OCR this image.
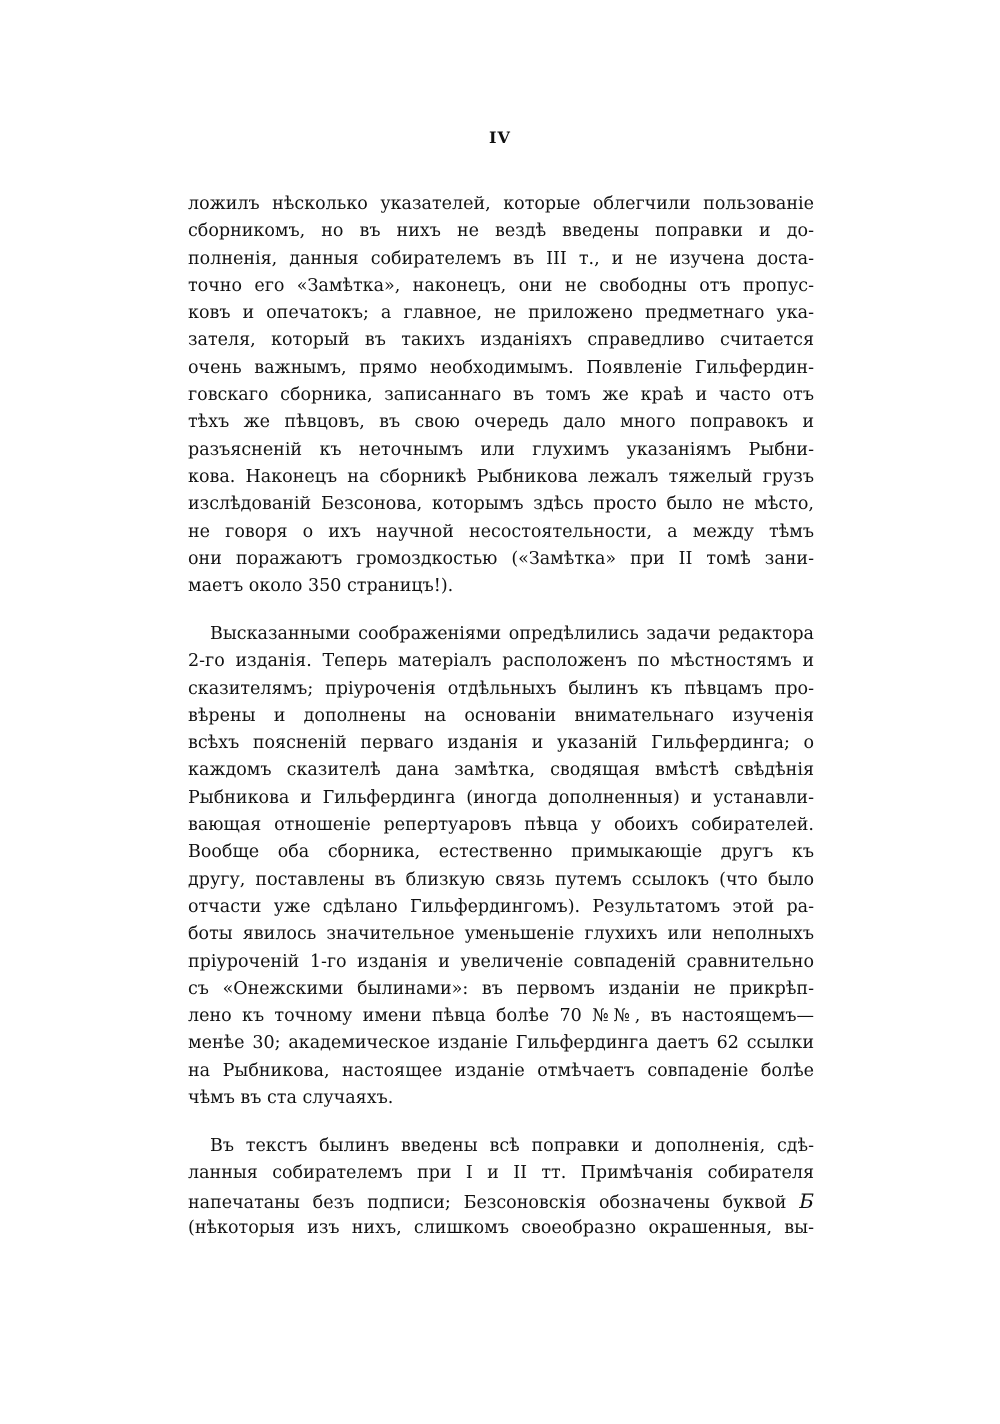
IV
ложилъ нѣсколько указателей, которые облегчили пользованіе
сборникомъ, но въ нихъ не вездѣ введены поправки и до-
полненія, данныя собирателемъ въ III т., и не изучена доста-
точно его «Замѣтка», наконецъ, они не свободны отъ пропус-
ковъ и опечатокъ; а главное, не приложено предметнаго ука-
зателя, который въ такихъ изданіяхъ справедливо считается
очень важнымъ, прямо необходимымъ. Появленіе Гильфердин-
говскаго сборника, записаннаго въ томъ же краѣ и часто отъ
тѣхъ же пѣвцовъ, въ свою очередь дало много поправокъ и
разъясненій къ неточнымъ или глухимъ указаніямъ Рыбни-
кова. Наконецъ на сборникѣ Рыбникова лежалъ тяжелый грузъ
изслѣдованій Безсонова, которымъ здѣсь просто было не мѣсто,
не говоря о ихъ научной несостоятельности, а между тѣмъ
они поражаютъ громоздкостью («Замѣтка» при II томѣ зани-
маетъ около 350 страницъ!).
Высказанными соображеніями опредѣлились задачи редактора
2-го изданія. Теперь матеріалъ расположенъ по мѣстностямъ и
сказителямъ; пріуроченія отдѣльныхъ былинъ къ пѣвцамъ про-
вѣрены и дополнены на основаніи внимательнаго изученія
всѣхъ поясненій перваго изданія и указаній Гильфердинга; о
каждомъ сказителѣ дана замѣтка, сводящая вмѣстѣ свѣдѣнія
Рыбникова и Гильфердинга (иногда дополненныя) и устанавли-
вающая отношеніе репертуаровъ пѣвца у обоихъ собирателей.
Вообще оба сборника, естественно примыкающіе другъ къ
другу, поставлены въ близкую связь путемъ ссылокъ (что было
отчасти уже сдѣлано Гильфердингомъ). Результатомъ этой ра-
боты явилось значительное уменьшеніе глухихъ или неполныхъ
пріуроченій 1-го изданія и увеличеніе совпаденій сравнительно
съ «Онежскими былинами»: въ первомъ изданіи не прикрѣп-
лено къ точному имени пѣвца болѣе 70 №№, въ настоящемъ—
менѣе 30; академическое изданіе Гильфердинга даетъ 62 ссылки
на Рыбникова, настоящее изданіе отмѣчаетъ совпаденіе болѣе
чѣмъ въ ста случаяхъ.
Въ текстъ былинъ введены всѣ поправки и дополненія, сдѣ-
ланныя собирателемъ при I и II тт. Примѣчанія собирателя
напечатаны безъ подписи; Безсоновскія обозначены буквой Б
(нѣкоторыя изъ нихъ, слишкомъ своеобразно окрашенныя, вы-
